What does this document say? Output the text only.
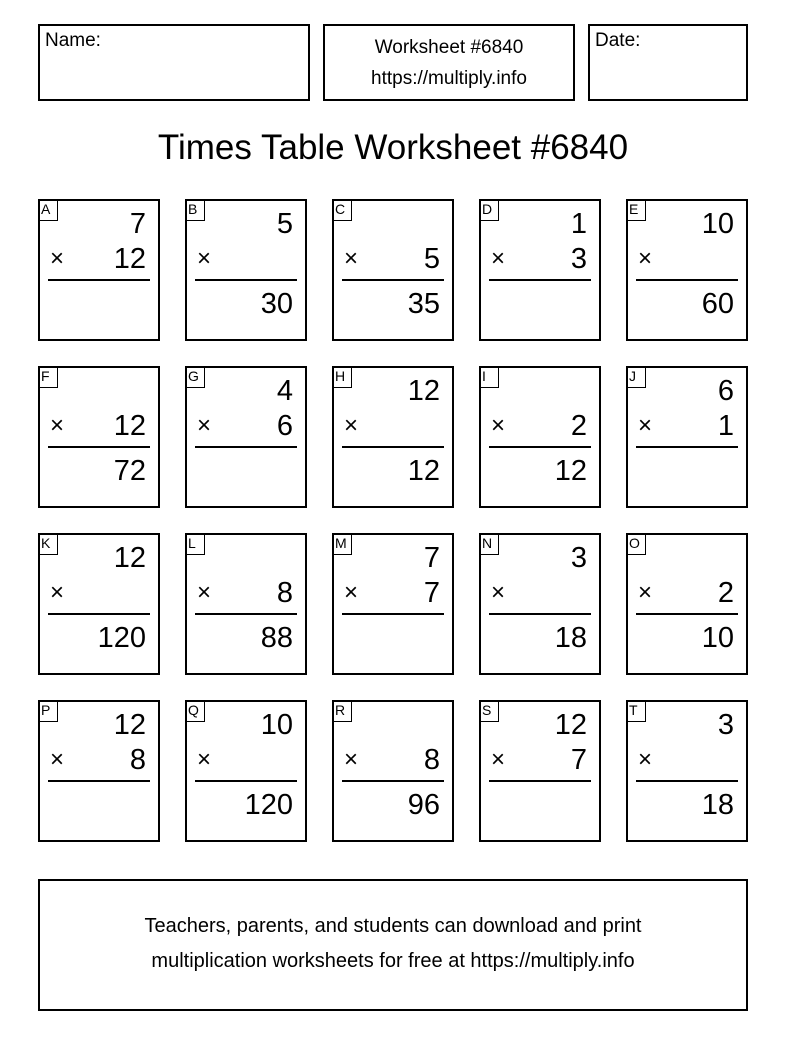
Name:	Worksheet #6840
https://multiply.info
Date:
Times Table Worksheet #6840
A	7
× 12
B	5
×
30
C
× 5
35
D	1
× 3
E 10
×
60
F
× 12
72
G	4
× 6
H 12
×
12
I
× 2
12
J	6
× 1
K 12
×
120
L
× 8
88
M	7
× 7
N	3
×
18
O
× 2
10
P 12
× 8
Q 10
×
120
R
× 8
96
S 12
× 7
T	3
×
18
Teachers, parents, and students can download and print
multiplication worksheets for free at https://multiply.info
